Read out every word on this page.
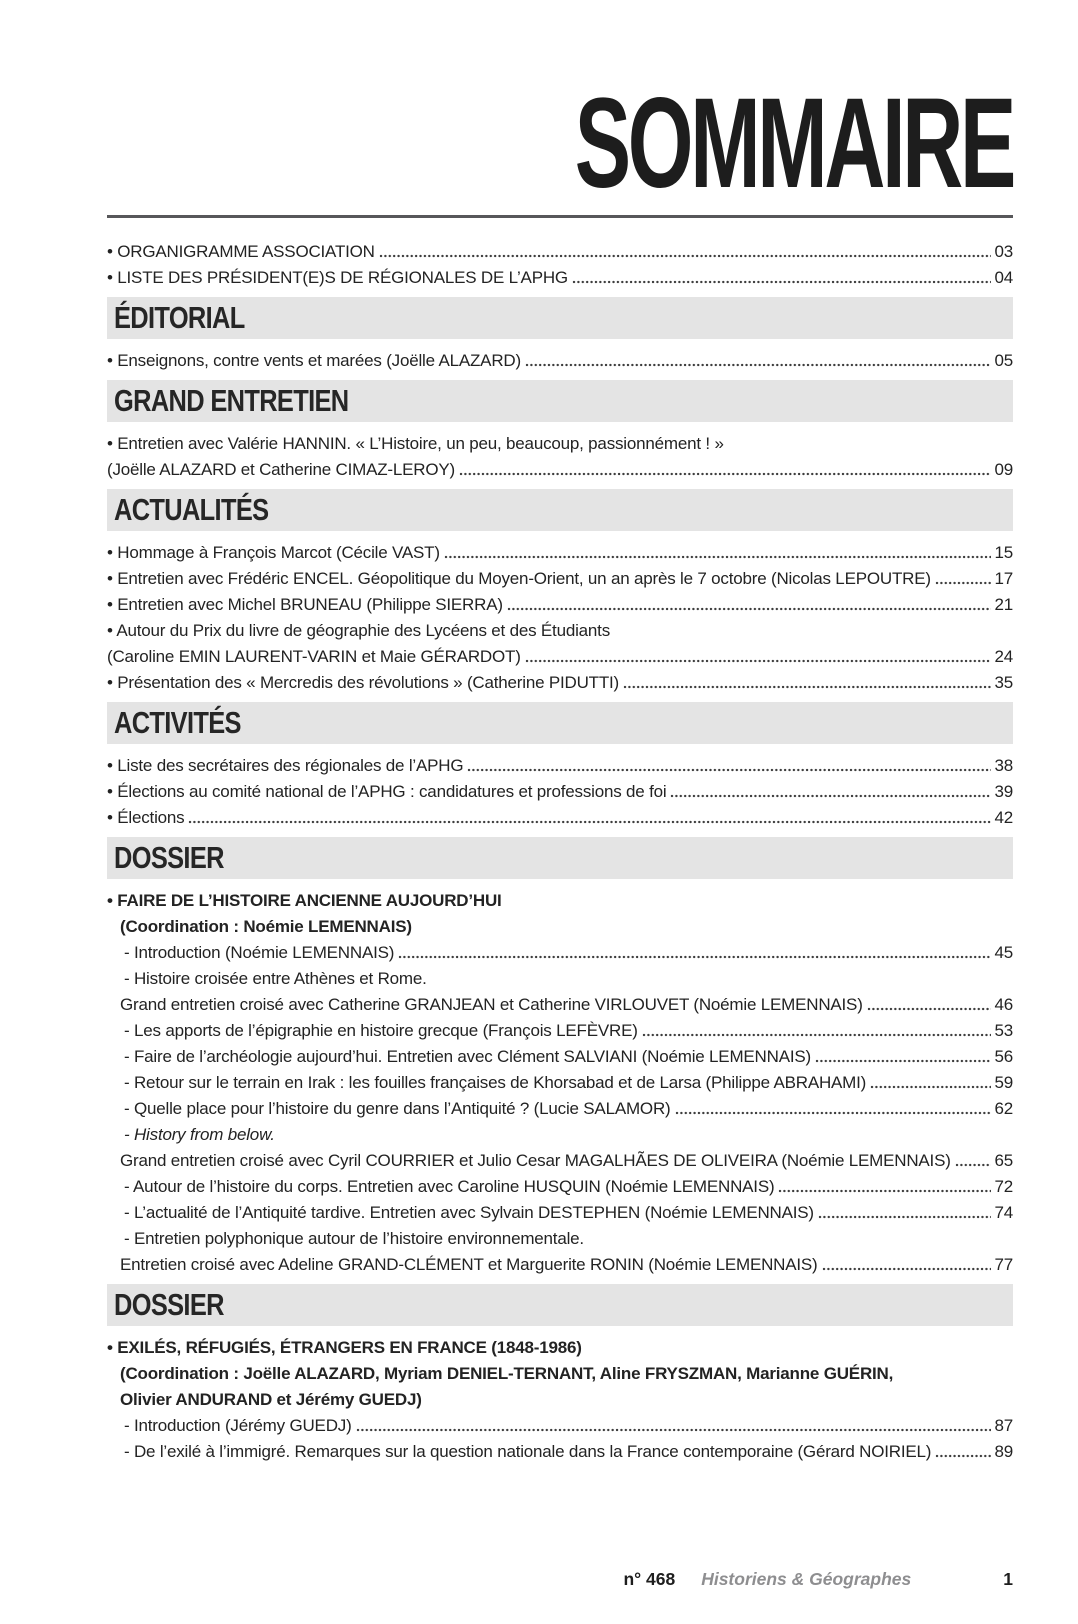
SOMMAIRE
• ORGANIGRAMME ASSOCIATION	03
• LISTE DES PRÉSIDENT(E)S DE RÉGIONALES DE L’APHG	04
ÉDITORIAL
• Enseignons, contre vents et marées (Joëlle ALAZARD)	05
GRAND ENTRETIEN
• Entretien avec Valérie HANNIN. « L’Histoire, un peu, beaucoup, passionnément ! »
(Joëlle ALAZARD et Catherine CIMAZ-LEROY)	09
ACTUALITÉS
• Hommage à François Marcot (Cécile VAST)	15
• Entretien avec Frédéric ENCEL. Géopolitique du Moyen-Orient, un an après le 7 octobre (Nicolas LEPOUTRE)	17
• Entretien avec Michel BRUNEAU (Philippe SIERRA)	21
• Autour du Prix du livre de géographie des Lycéens et des Étudiants
(Caroline EMIN LAURENT-VARIN et Maie GÉRARDOT)	24
• Présentation des « Mercredis des révolutions » (Catherine PIDUTTI)	35
ACTIVITÉS
• Liste des secrétaires des régionales de l’APHG	38
• Élections au comité national de l’APHG : candidatures et professions de foi	39
• Élections	42
DOSSIER
• FAIRE DE L’HISTOIRE ANCIENNE AUJOURD’HUI
(Coordination : Noémie LEMENNAIS)
- Introduction (Noémie LEMENNAIS)	45
- Histoire croisée entre Athènes et Rome.
Grand entretien croisé avec Catherine GRANJEAN et Catherine VIRLOUVET (Noémie LEMENNAIS)	46
- Les apports de l’épigraphie en histoire grecque (François LEFÈVRE)	53
- Faire de l’archéologie aujourd’hui. Entretien avec Clément SALVIANI (Noémie LEMENNAIS)	56
- Retour sur le terrain en Irak : les fouilles françaises de Khorsabad et de Larsa (Philippe ABRAHAMI)	59
- Quelle place pour l’histoire du genre dans l’Antiquité ? (Lucie SALAMOR)	62
- History from below.
Grand entretien croisé avec Cyril COURRIER et Julio Cesar MAGALHÃES DE OLIVEIRA (Noémie LEMENNAIS)	65
- Autour de l’histoire du corps. Entretien avec Caroline HUSQUIN (Noémie LEMENNAIS)	72
- L’actualité de l’Antiquité tardive. Entretien avec Sylvain DESTEPHEN (Noémie LEMENNAIS)	74
- Entretien polyphonique autour de l’histoire environnementale.
Entretien croisé avec Adeline GRAND-CLÉMENT et Marguerite RONIN (Noémie LEMENNAIS)	77
DOSSIER
• EXILÉS, RÉFUGIÉS, ÉTRANGERS EN FRANCE (1848-1986)
(Coordination : Joëlle ALAZARD, Myriam DENIEL-TERNANT, Aline FRYSZMAN, Marianne GUÉRIN,
Olivier ANDURAND et Jérémy GUEDJ)
- Introduction (Jérémy GUEDJ)	87
- De l’exilé à l’immigré. Remarques sur la question nationale dans la France contemporaine (Gérard NOIRIEL)	89
n° 468 Historiens & Géographes	1
